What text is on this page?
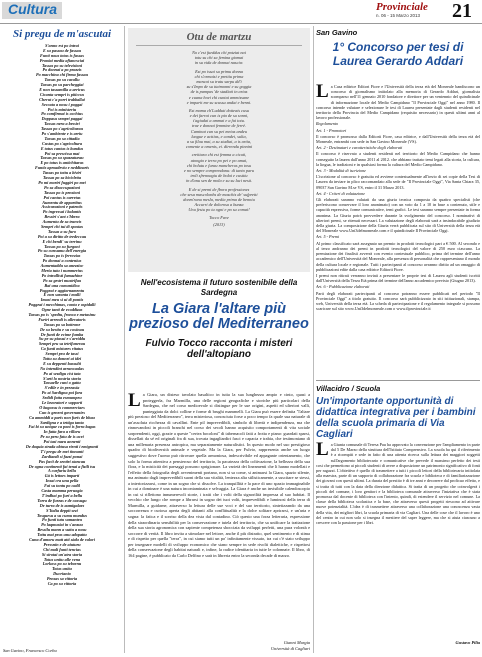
Cultura	Provinciale
n. 06 - 15 Marzo 2013 21
Si pregu de m'ascutai
S'anno est po intrai
E su passou de fassau
Funti nous totus is fassas
Proniai media afiancsciai
Tassas po su televisioni
Po donnai a po prazzis
Po macchina chi firma fassau
Tassas po su cavallu
Tassas po su parcheggiai
E non tassamilla a arricus
Cicanta sempri is piticcus
Cherut c'a porri trabballai
Seccata a nosu i poggai
Poi is ministeriu
Po comfirmai is occhius
Doppasu sempri paggai
Tassas nera a bessiri
Tassas po s'agricolturau
Po s'ambiente e is arriu
Tassas po sa cittadia
Custas po s'agricoltura
E totus cantus is bundus
Poi sa prescissa mai
Tassas po su spazzaturau
E po totus is antichitaras
Funtis aproadeviu e neddinaris
Tassas po tottu a biviri
Tassas po sa bicicletta
Po mi moriri fuggiri po mei
Po sa disoccupazioni
Tassas po is pensioni
Poi cantus is carretas
Aumentu de appartitus
Assicurazioni e patentis
Po ingressai i balantis
Bessiri s'ant s'hbrea
Aumentu de sa tranvis
Sempri chi tui di spostas
Tassas a su furo
Poi a su diritto de tredeccau
E chi bendi' su terrinu
Tassas po su furgoni
Po su cunsumu dell'energia
Tassas po is ferrovias
Po donnai a contenius
Aumentaddu sa anezzioc
Meria tutu i nummerius
Po intrallisti famazhine
Po sa gestri mustrifau
Bai una comunidica
Poggeai e aggiornamentu
E non saranta i mulli
Imasi meu si ui di pontis
Poggeai i mecchimas, contu e ospidalli
Ogne tanti de ecoddizas
Tassas po is 'spedtu, fronca e metasinu
Furiri arrendi is allevatoris
Tassas po sa bottrone
De su bestiu e su coxinau
De funti de ecime fumba
Su pe su piaxui e s'arriddu
Sempri pru sa tetrifunerau
Ca funti mistures ritatus
Sempri pru de tassi
Tottu su donnei ai idei
E su deppenti bassulti
No intendint arrancaulas
Po ai sezdigu cist tata
S'arti lo nostria storia
Tassaelle cuni o gattu
S'edile e in prezaxia
Po ai Sardigna poi fara
Sedidi fatta esmumpeu
Le lavoratori e sopporti
O bagossu is commerciaes
Cun is geneni governanies
Ca ammiddi a paris non furis de bhau
Sardigna e a tettiga tanta
Fai bi su unique ca poni is forra bagas
In fatta fara a villoru
Pe su peru fatu de is ucei
Poi tasi naeu annenti
De doquia strada obtusa rienti i emigranti
T'i pregu de mei tinnanti
Zardiandi si fazzi ponai
Pas facii de sentiri stancau
De ogna continenti fai tenai a fizili tsu
A curfuriu bellu
Gà is lettoes imparti
Insai cra una pella
Fai su tontu po cadil
Casta mamma peruogia
T'indhai po furi a bellu
Torra de furzas e de cassugu
De turra de is aumigalaes
S'Italia deppit sezi
Tosquesu a su cumu mundus
Po funti tutu somanteu
Po laqmusiai in s'anzuu
Bessilu mann a suttu a nosu
Tottu mai prus unu adopattu
Cuna d'amoru matt atti sàdu de valori
Pressnin e de aiuturu
Chi mali funti tencias
Si sirotai un'atra storia
Totus unitu alle vena
Lorkoss po su tebornu
Totus unitu
Ducrianio
Pensas sa vittoria
Ca po su vittoria
San Gavino, Francesco Corbu
Otu de martzu
No c'est fueddus chi potziat nai
totu su chi sa femina giamai
in su vida de donnai nascia:
Est po issai su primu donna
chi s'ormaisi e prettiu prima
mancai su tratu sarpu dd'i
su s'Impo de su ttaimonni e su goggia
de is pampas 'de stadiati in arias
e cuana hoei chi cuntai ammissane
e imparit me su scussu andai e benni.
Est mama ch'Ludduti dotteais cusu
e dei farrai cun is pia de su sonni,
t'agiudai a ammai e a fai totu.
trae e donnai femmine de ferrè.
Caminat cun su pei meias andeu
luogue e acttias, e candei, sulta,
a su filau mai, a su studiai, a is artia,
comente a omenis, ei. dirrendu pinnini
creittura chi est femma a cicuti,
atongia e terra po pei e po amai,
chi bolutu e furau mancherus po tosu
e no sempre comprendanu: di tanto paru
troli sfrennagiu de bolai e custtiu
in d'anu sen de mola e su su luci nesà.
E de si premi de fbora professiones
che sesa mascolonhs de maschis de' sufpretti
donm'ranu mesla, media prima de benniu
Accurri de dolorosa a bunza
Unu festu po tu ogni e po su comai!
Tocco Fave
(2013)
Nell'ecosistema il futuro sostenibile della Sardegna
La Giara l'altare più prezioso del Mediterraneo
Fulvio Tocco racconta i misteri dell'altopiano
La Giara, un disteso tavolato basaltico in tutta la sua lunghezza ampio e cinto, quasi a proteggerla, fra Marmilla, una delle regioni geografiche e storiche più particolari della Sardegna, che nel corso medioevale si distingue per le sue origini, aspetti ed ulteriori valli, punteggiata da dolci colline e forme di brughi mammelli. La Giara può essere definita "l'altare più prezioso del Mediterraneo", terra misteriosa, conosciuta forse a poco tempo fa quale sua naturale di un'assoluta ricchezza di cavallini. Ente pil imprevedibili, simbolo di libertà e indipendenza, ma che rinnovandosi in piccoli branchi nel corso dei secoli hanno acquisito comportamenti di vita sociale sorprendenti, oggi, grazie a queste "certea bocoloni" di tabernacoli fatti a frotta e piano: guardati sparsi, dissellati da sé ed originali fra di sua, trovata ingagliardiri fasci e capacia e trabia, che testimoniano di una millenaria presenza antropica, ma separatamente naturalistici. In questo modo nel suo prestigioso quadro di biodiversità animale e vegetale. Ma la Giara, per Fulvio, rappresenta anche un luogo suggestivo dove l'uomo può ritrovare quella armoniosa, indescrivibile ed appagante orientamento, che solo la forma attentiva a pensieroso del territorio, la pacatezza della coltivazione, la bellezza della sua flora, e la misticità dei paesaggi possono sprigionare. La varietà dei lineamenti che li hanno modellati e l'effetto della fotografia degli avvenimenti portano, non si sa come, si animarsi la Giara, spazio silente, ma animato dagli imprevedibili suoni della sua vitalità, lentezza alta stilisticamente, a suscitare se stessi, a interiorizzarsi, come in un sogno che si dissolve. La tranquillità e la pace di uno spazio immaginabile in cui a dominare è una natura incontaminata e selvaggia. La Giara è anche un invisibile calendoscopio in cui si riflettono innumerevoli storie, i tratti che i volti della signorilità impressa al suo habitat. Il vecchio che lungo che rompe a librarsi in sogno dei tuoi volti, imprevedibili e luminosi della terra di Marmilla, a guidarne, attraverso la lettura delle sue voci e del suo territorio, sintetizzando da una soccorrenza e curiosa aperta degli abitanti alla conflittualità e la dolce solitare aprirarsi, e un'aria e sogna: la fatica e il sorriso della dea vista dal contadino. Ciò questo una forza letteraria, espressione della straordinaria sensibilità per la conservazione e tutela del territorio, che sa unificare la trattazione della sua storia agronomica con sapiente competenza sbocciata da sviluppi perfetti, una pura volontà e soccorre di verità. Il libro invita a stimolare nel lettore, anche il più distratto, quel sentimento e di stima e di rispetto per quella "terra", in cui siamo tutti un po' infinitamente vissuto, tra cui c'è stato sviluppo per insegnare modelli di sviluppo economico che siano sempre in sede rivolti dialettiche, e rispettosi della conservazione degli habitat naturali e, infine, la radice identitaria in tutte le colonnate. Il libro, di 164 pagine, è pubblicato da Carlo Delfino e sarà in libreria entro la seconda decade di marzo.
Gianni Murgia
Università di Cagliari
San Gavino
1° Concorso per tesi di Laurea Gerardo Addari

La Casa editrice Editori Fiore e l'Università della terza età del Monreale bandiscono un concorso di giornalismo intitolato alla memoria di Gerardo Addari, giornalista scomparso nell'11 gennaio 2010 fondatore e direttore per un ventennio del quindicinale di informazione locale del Medio Campidano "Il Provinciale Oggi" nel anno 1980. Il concorso intende valutare e selezionare le tesi di Laurea presentate dagli studenti residenti nel territorio della Provincia del Medio Campidano (requisito necessario) in questi ultimi anni al lavoro professionale.

Regolamento

Art. 1 - Promotori

Il concorso è promosso dalla Editorii Fiore, casa editrice, e dall'Università della terza età del Monreale, entrambi con sede in San Gavino Monreale (VS).

Art. 2 - Destinatari e caratteristiche degli elaborati

Il concorso è riservato a studenti residenti nel territorio del Medio Campidano che hanno conseguito la laurea dall'anno 2011 al 2012. che abbiano trattato temi legati alla storia, la cultura, la lingua, le tradizioni e in qualsiasi forma la cultura del Medio Campidano.

Art. 3 - Modalità di iscrizione

L'iscrizione al concorso è gratuita ed avviene contestualmente all'invio di sei copie della Tesi di Laurea da inviare in plico raccomandato alla sede de "Il Provinciale Oggi", Via Santa Chiara 35, 09037 San Gavino M.se VS, entro il 31 Marzo 2013.

Art. 4 - Criteri di valutazione

Gli elaborati saranno valutati da una giuria tecnica composta da quattro specialisti (che preferiscono conservare il loro anonimato) con un voto da 1 a 10 in base a contenuto, stile e capacità espressiva, forme comunicative, temi grafici. Le tesi saranno sempre presentate in forma anonima. La Giuria potrà provvedere durante la svolgimento del concorso. I nominativi di ulteriori premi, se ritenuti necessari. La valutazione degli elaborati sarà a insindacabile giudizio della giuria. La composizione della Giuria verrà pubblicata sul sito di Università della terza età del Monreale www.Uni3delmonreale.com e il quindicinale Il Provinciale Oggi.

Art. 5 - Premi

Al primo classificato sarà assegnato un premio in prodotti tecnologici pari a € 500. Al secondo e al terzo andranno dei premi in prodotti tecnologici del valore di 250 euro ciascuno. La premiazione dei finalisti avverrà con evento contestuale pubblico, prima del termine dell'anno accademico dell'Università del Monreale, alla presenza di personalità che rappresentano il mondo della cultura locale e regionale. Tutti i partecipanti al concorso avranno diritto ad un omaggio di pubblicazioni edite dalla casa editrice Editorii Fiore.

I premi non ritirati verranno inviati a presentare le proprie tesi di Laurea agli studenti iscritti dall'Università della Terza Età prima del termine dell'anno accademico previsto (Giugno 2013).

Art. 6 - Pubblicazione elaborati

Parti degli elaborati partecipanti al concorso potranno essere pubblicati nel periodo "Il Provinciale Oggi" a titolo gratuito. Il concorso sarà pubblicizzato in siti istituzionali, stampa, web, Università della terza età. La scheda di partecipazione e il regolamento integrale si possono scaricare sul sito www.Uni3delmonreale.com o www.ilprovinciale.it

Villacidro / Scuola
Un'importante opportunità di didattica integrativa per i bambini della scuola primaria di Via Cagliari
La Giunta comunale di Teresa Pau ha approvato la convenzione per l'ampliamento in parte dal 5 De Marzo della struttura dell'Istituto Comprensivo. La scuola ha qui il riferimento è a ricompiti e sede in fatto di una attenta ricerca sulla lettura dei maggiori soggetti sull'argomento bibliotecario e comunicative che prevede il massimo perfetto dei testi cosi che permettono ai piccoli studenti di avere a disposizione un patrimonio significativo di fonti per ragazzi. L'obiettivo è quello di trasmettere a tutti i piccoli lettori della bibliotecaria intitolata alla maestra, parte di un supporto di collaborazione fra scuola e biblioteca e di familiarizzazione dei giovani con questi ultimi. La durata del prestito è di tre anni e decorrere dal proficuo effetto, e si tratta di tutti con la data della direzione didattica. Si tratta di un progetto che coinvolgerà i piccoli del comune, i loro genitori e la biblioteca comunale attraverso l'iniziativa che è stata promossa dal docente di biblioteca con l'intento, quindi, di estendere il servizio nel comune. La classe della biblioteca scolastica e la base, che attraverso questi progetti riescono ad attivare nuove potenzialità. L'idea è di trasmettere attraverso una collaborazione una conoscenza vasta della vita, dei migliori libri, la scuola primaria di via Cagliari. Una delle cose che il lavoro è uno del centro in cui non solo si insegna il mestiere del saper leggere, ma che si aiuta ciascuno a crescere con la passione per i libri.
Gustavo Pilia
